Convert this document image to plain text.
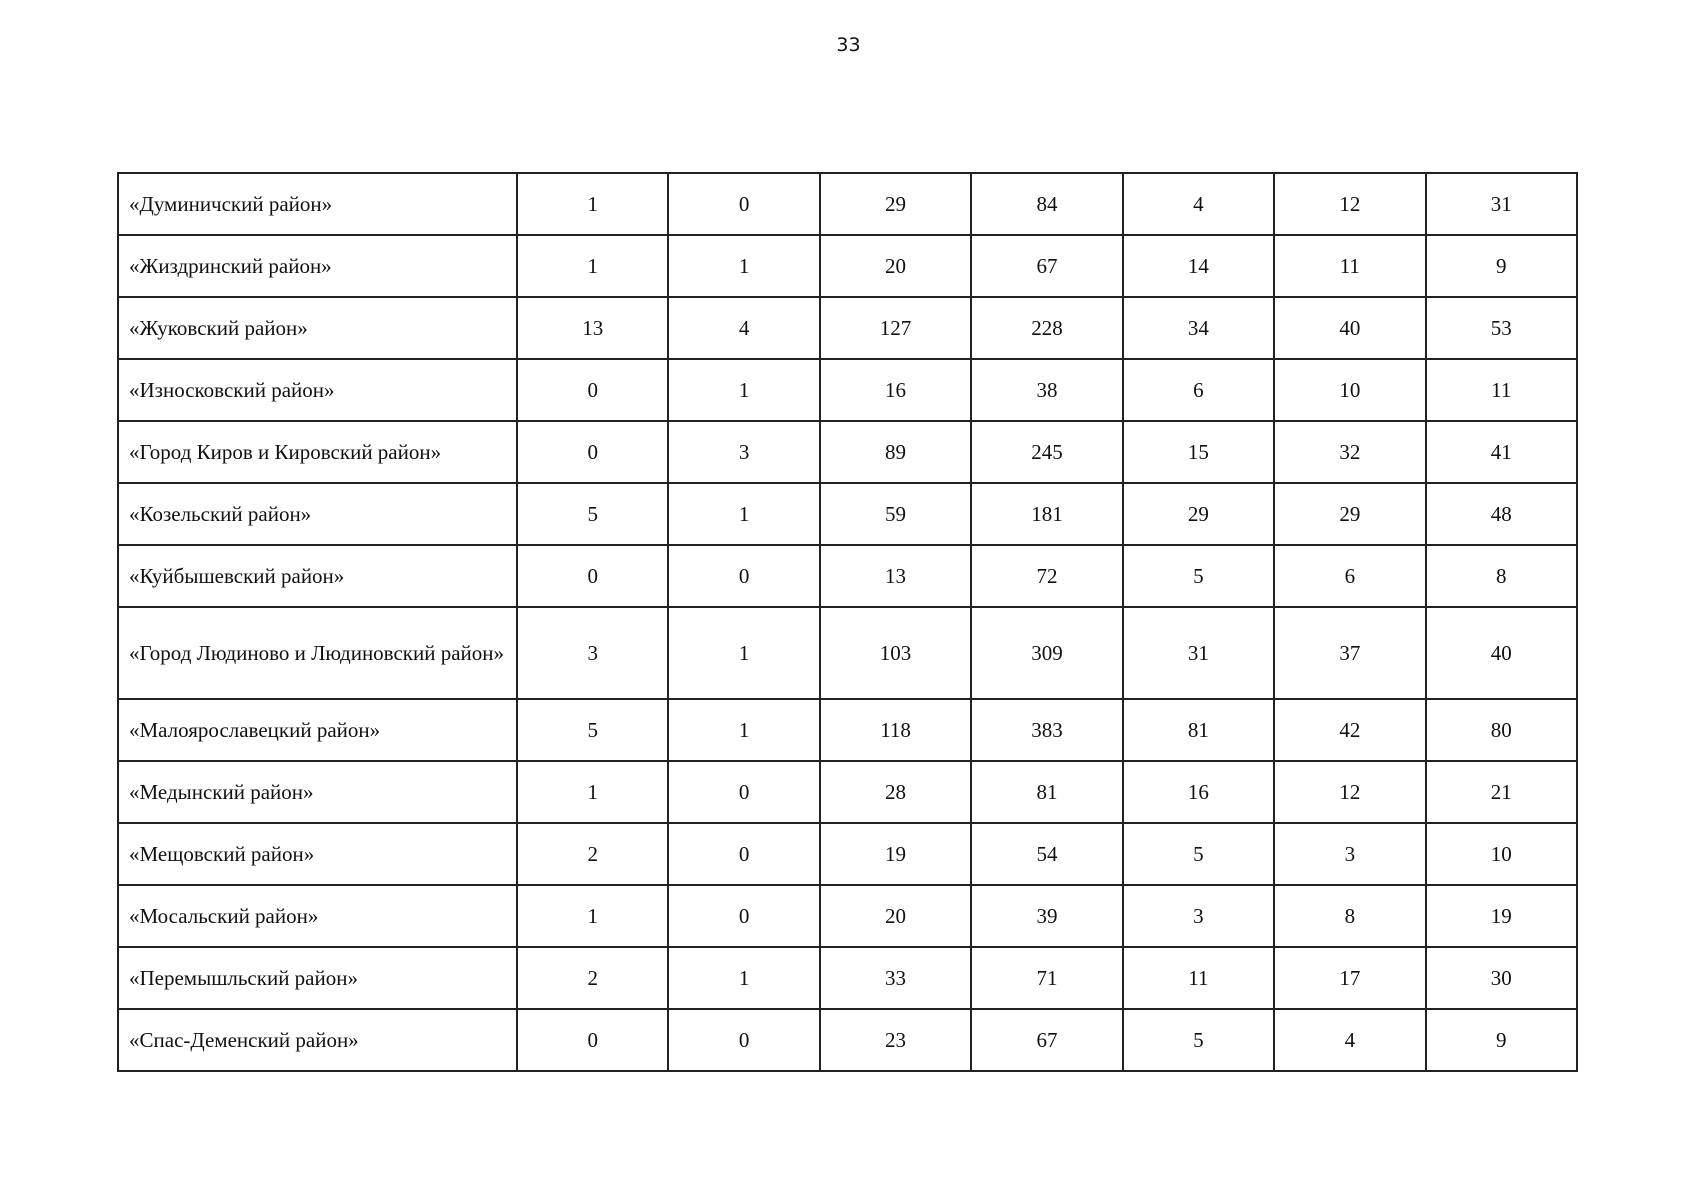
33
«Думиничский район»	1	0	29	84	4	12	31
«Жиздринский район»	1	1	20	67	14	11	9
«Жуковский район»	13	4	127	228	34	40	53
«Износковский район»	0	1	16	38	6	10	11
«Город Киров и Кировский район»	0	3	89	245	15	32	41
«Козельский район»	5	1	59	181	29	29	48
«Куйбышевский район»	0	0	13	72	5	6	8
«Город Людиново и Людиновский район»	3	1	103	309	31	37	40
«Малоярославецкий район»	5	1	118	383	81	42	80
«Медынский район»	1	0	28	81	16	12	21
«Мещовский район»	2	0	19	54	5	3	10
«Мосальский район»	1	0	20	39	3	8	19
«Перемышльский район»	2	1	33	71	11	17	30
«Спас-Деменский район»	0	0	23	67	5	4	9
